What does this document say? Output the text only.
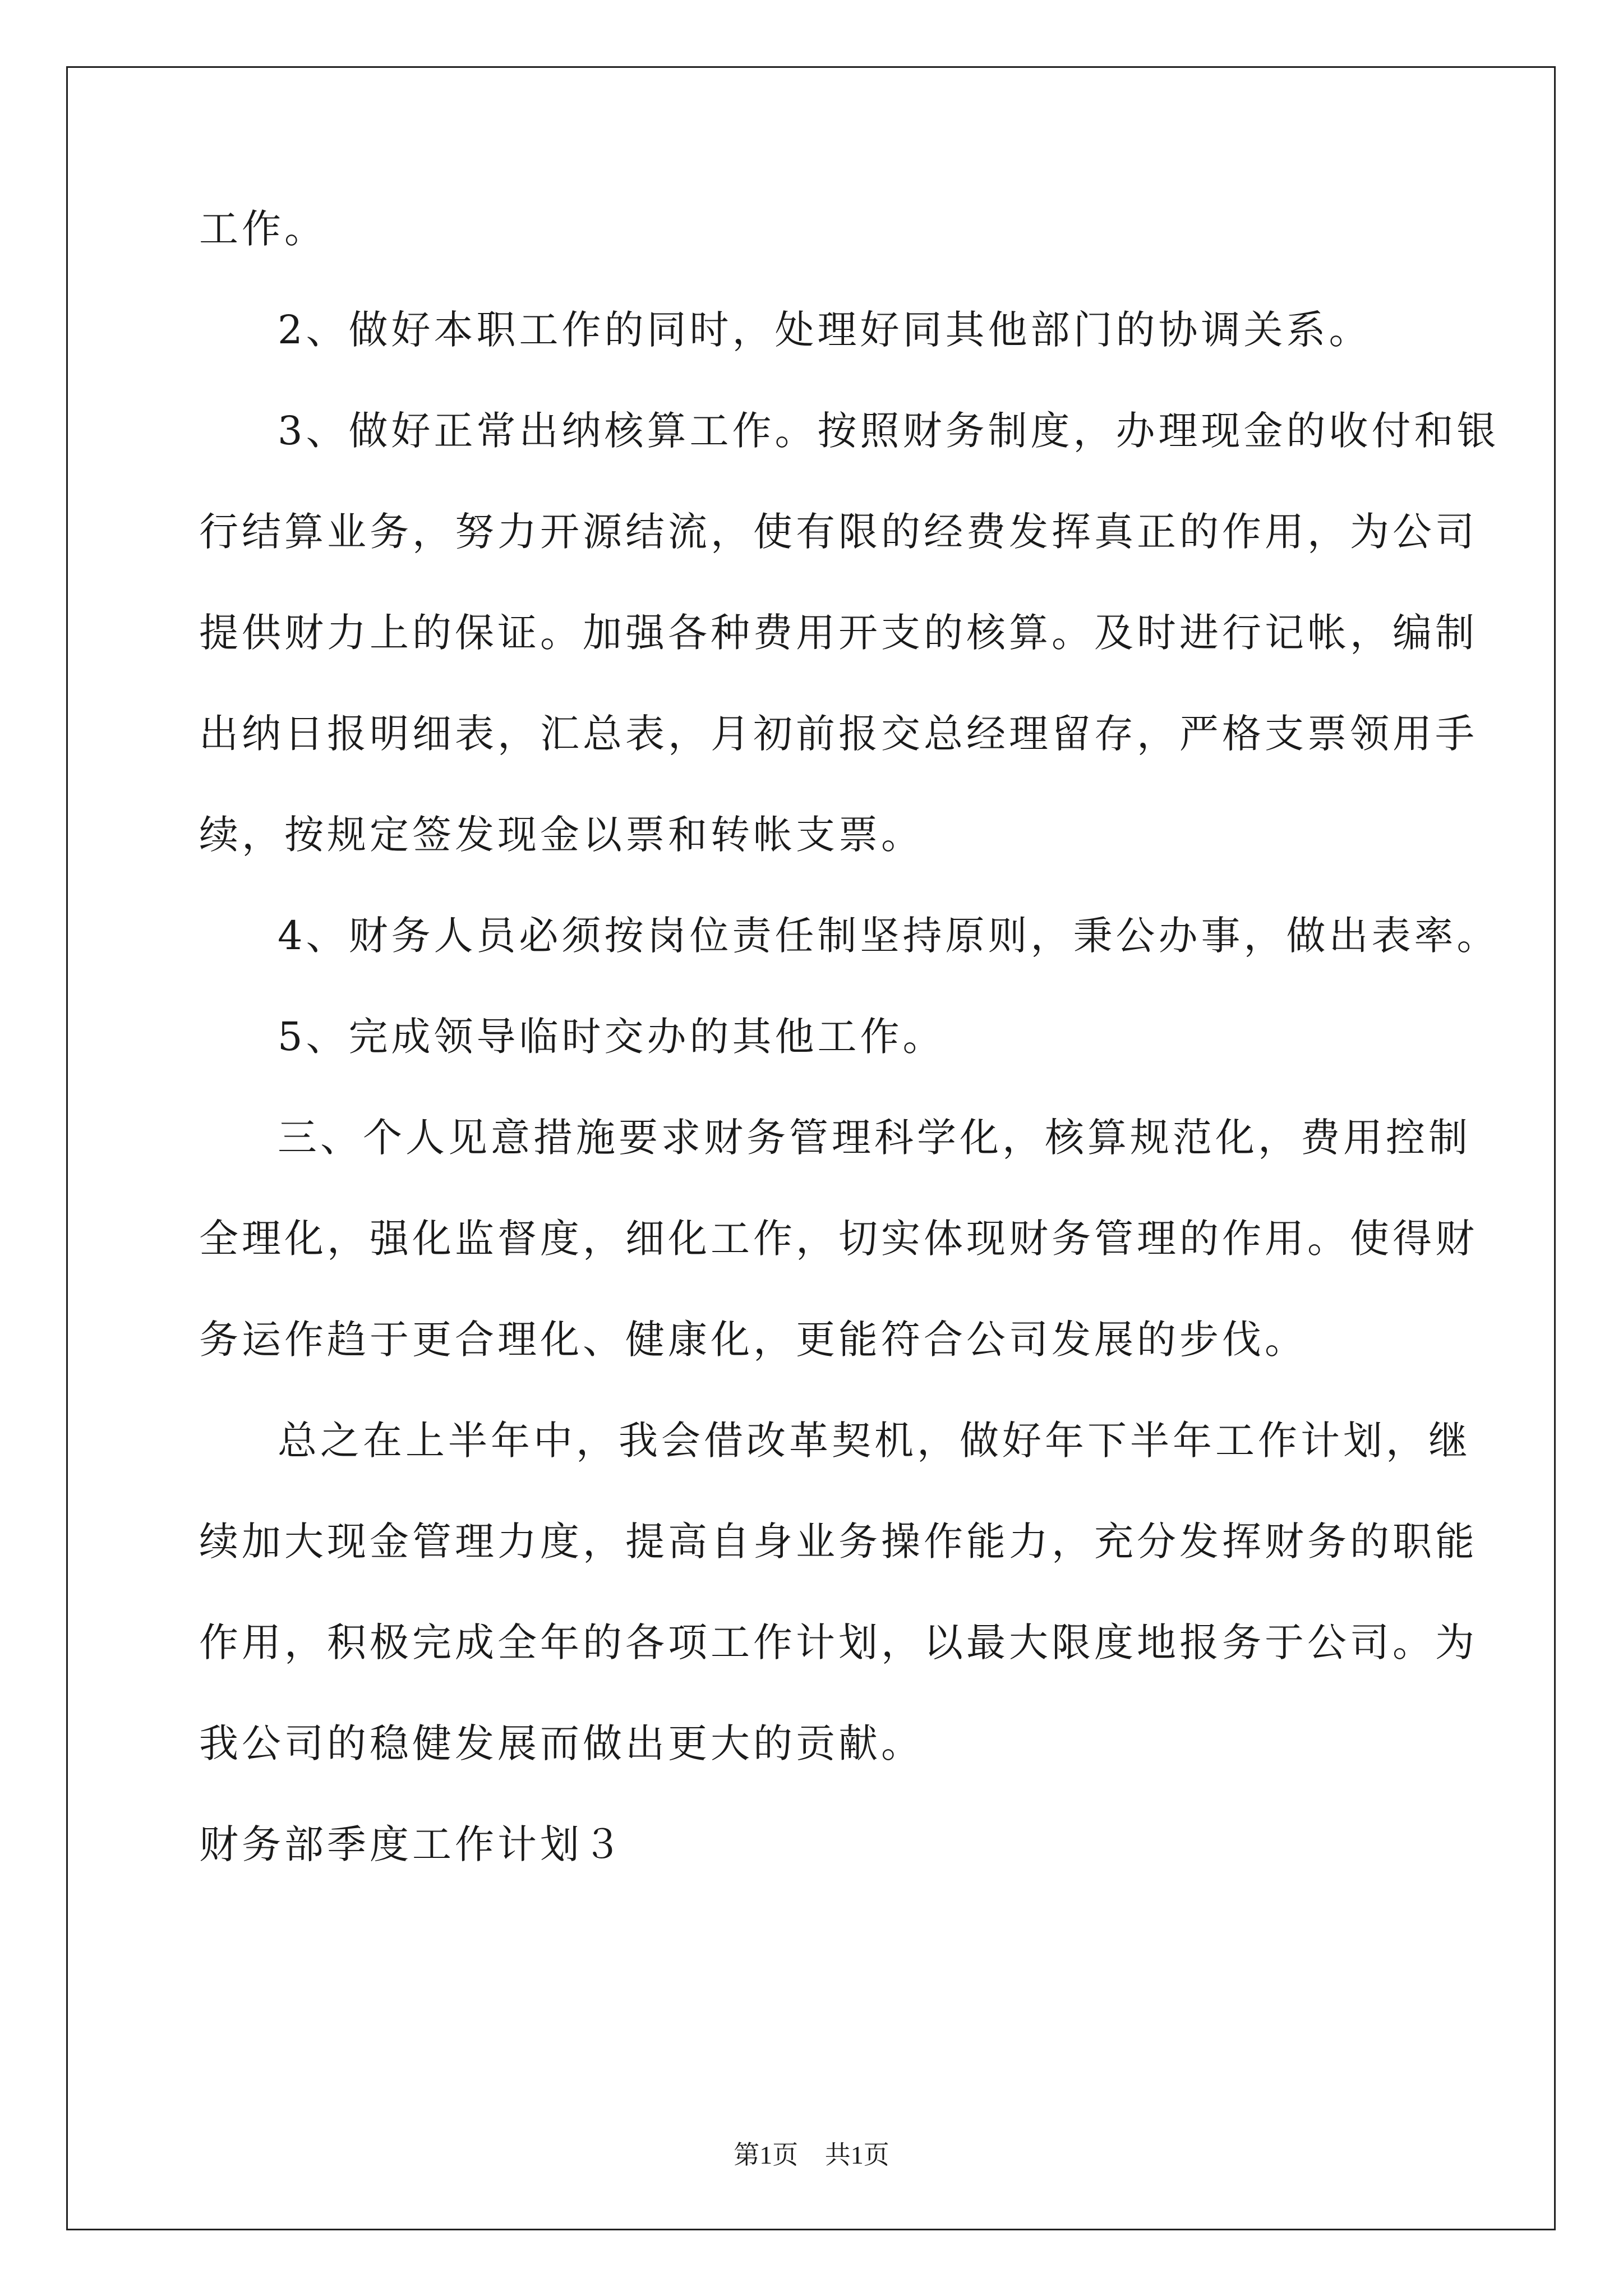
工作。
2、做好本职工作的同时，处理好同其他部门的协调关系。
3、做好正常出纳核算工作。按照财务制度，办理现金的收付和银
行结算业务，努力开源结流，使有限的经费发挥真正的作用，为公司
提供财力上的保证。加强各种费用开支的核算。及时进行记帐，编制
出纳日报明细表，汇总表，月初前报交总经理留存，严格支票领用手
续，按规定签发现金以票和转帐支票。
4、财务人员必须按岗位责任制坚持原则，秉公办事，做出表率。
5、完成领导临时交办的其他工作。
三、个人见意措施要求财务管理科学化，核算规范化，费用控制
全理化，强化监督度，细化工作，切实体现财务管理的作用。使得财
务运作趋于更合理化、健康化，更能符合公司发展的步伐。
总之在上半年中，我会借改革契机，做好年下半年工作计划，继
续加大现金管理力度，提高自身业务操作能力，充分发挥财务的职能
作用，积极完成全年的各项工作计划，以最大限度地报务于公司。为
我公司的稳健发展而做出更大的贡献。
财务部季度工作计划３
第1页 共1页
